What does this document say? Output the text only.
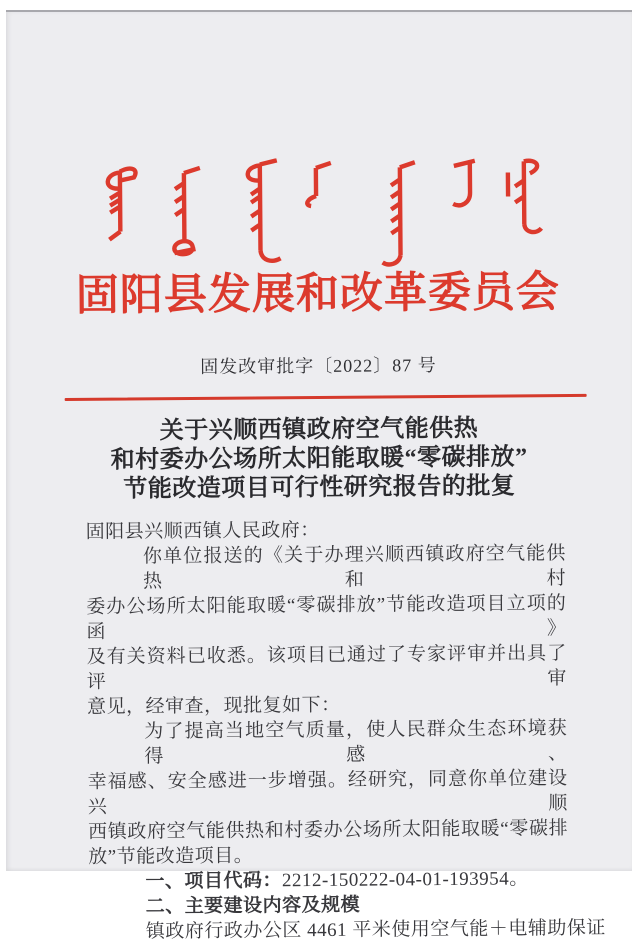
固阳县发展和改革委员会
固发改审批字〔2022〕87 号
关于兴顺西镇政府空气能供热
和村委办公场所太阳能取暖“零碳排放”
节能改造项目可行性研究报告的批复
固阳县兴顺西镇人民政府：
你单位报送的《关于办理兴顺西镇政府空气能供热和村
委办公场所太阳能取暖“零碳排放”节能改造项目立项的函》
及有关资料已收悉。该项目已通过了专家评审并出具了评审
意见，经审查，现批复如下：
为了提高当地空气质量，使人民群众生态环境获得感、
幸福感、安全感进一步增强。经研究，同意你单位建设兴顺
西镇政府空气能供热和村委办公场所太阳能取暖“零碳排
放”节能改造项目。
一、项目代码：2212-150222-04-01-193954。
二、主要建设内容及规模
镇政府行政办公区 4461 平米使用空气能＋电辅助保证
